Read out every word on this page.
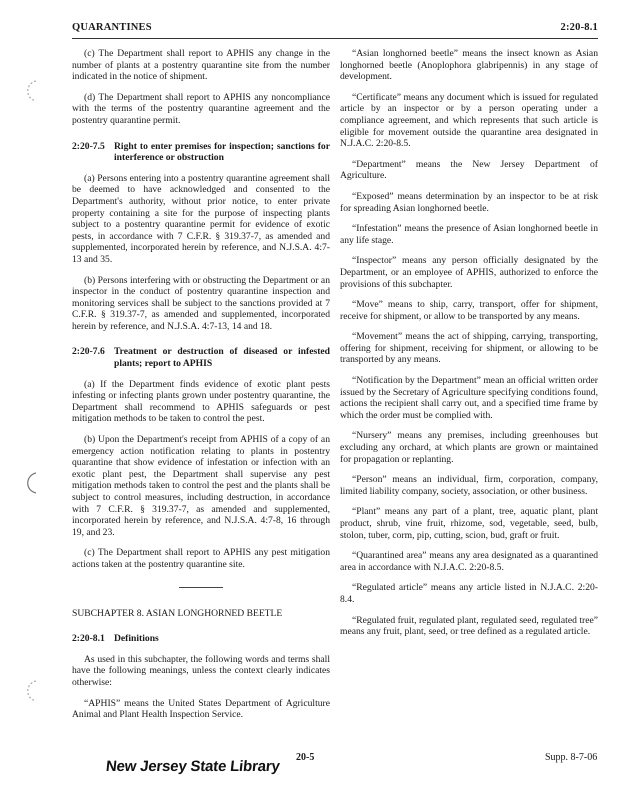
QUARANTINES	2:20-8.1

(c) The Department shall report to APHIS any change in the number of plants at a postentry quarantine site from the number indicated in the notice of shipment.

(d) The Department shall report to APHIS any noncompliance with the terms of the postentry quarantine agreement and the postentry quarantine permit.

2:20-7.5 Right to enter premises for inspection; sanctions for interference or obstruction

(a) Persons entering into a postentry quarantine agreement shall be deemed to have acknowledged and consented to the Department's authority, without prior notice, to enter private property containing a site for the purpose of inspecting plants subject to a postentry quarantine permit for evidence of exotic pests, in accordance with 7 C.F.R. § 319.37-7, as amended and supplemented, incorporated herein by reference, and N.J.S.A. 4:7-13 and 35.

(b) Persons interfering with or obstructing the Department or an inspector in the conduct of postentry quarantine inspection and monitoring services shall be subject to the sanctions provided at 7 C.F.R. § 319.37-7, as amended and supplemented, incorporated herein by reference, and N.J.S.A. 4:7-13, 14 and 18.

2:20-7.6 Treatment or destruction of diseased or infested plants; report to APHIS

(a) If the Department finds evidence of exotic plant pests infesting or infecting plants grown under postentry quarantine, the Department shall recommend to APHIS safeguards or pest mitigation methods to be taken to control the pest.

(b) Upon the Department's receipt from APHIS of a copy of an emergency action notification relating to plants in postentry quarantine that show evidence of infestation or infection with an exotic plant pest, the Department shall supervise any pest mitigation methods taken to control the pest and the plants shall be subject to control measures, including destruction, in accordance with 7 C.F.R. § 319.37-7, as amended and supplemented, incorporated herein by reference, and N.J.S.A. 4:7-8, 16 through 19, and 23.

(c) The Department shall report to APHIS any pest mitigation actions taken at the postentry quarantine site.

SUBCHAPTER 8. ASIAN LONGHORNED BEETLE

2:20-8.1 Definitions

As used in this subchapter, the following words and terms shall have the following meanings, unless the context clearly indicates otherwise:

“APHIS” means the United States Department of Agriculture Animal and Plant Health Inspection Service.

“Asian longhorned beetle” means the insect known as Asian longhorned beetle (Anoplophora glabripennis) in any stage of development.

“Certificate” means any document which is issued for regulated article by an inspector or by a person operating under a compliance agreement, and which represents that such article is eligible for movement outside the quarantine area designated in N.J.A.C. 2:20-8.5.

“Department” means the New Jersey Department of Agriculture.

“Exposed” means determination by an inspector to be at risk for spreading Asian longhorned beetle.

“Infestation” means the presence of Asian longhorned beetle in any life stage.

“Inspector” means any person officially designated by the Department, or an employee of APHIS, authorized to enforce the provisions of this subchapter.

“Move” means to ship, carry, transport, offer for shipment, receive for shipment, or allow to be transported by any means.

“Movement” means the act of shipping, carrying, transporting, offering for shipment, receiving for shipment, or allowing to be transported by any means.

“Notification by the Department” mean an official written order issued by the Secretary of Agriculture specifying conditions found, actions the recipient shall carry out, and a specified time frame by which the order must be complied with.

“Nursery” means any premises, including greenhouses but excluding any orchard, at which plants are grown or maintained for propagation or replanting.

“Person” means an individual, firm, corporation, company, limited liability company, society, association, or other business.

“Plant” means any part of a plant, tree, aquatic plant, plant product, shrub, vine fruit, rhizome, sod, vegetable, seed, bulb, stolon, tuber, corm, pip, cutting, scion, bud, graft or fruit.

“Quarantined area” means any area designated as a quarantined area in accordance with N.J.A.C. 2:20-8.5.

“Regulated article” means any article listed in N.J.A.C. 2:20-8.4.

“Regulated fruit, regulated plant, regulated seed, regulated tree” means any fruit, plant, seed, or tree defined as a regulated article.

20-5	Supp. 8-7-06
New Jersey State Library
